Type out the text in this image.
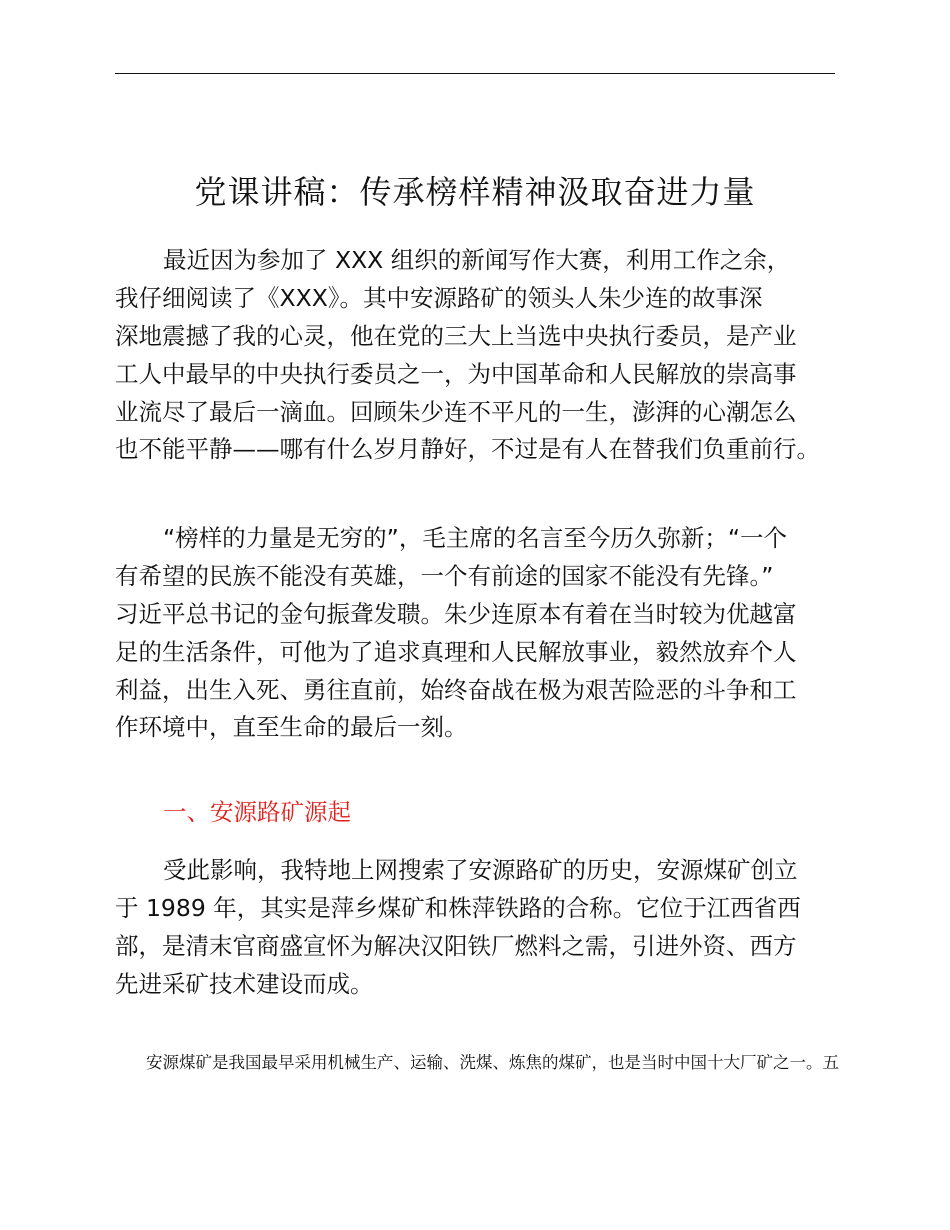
党课讲稿：传承榜样精神汲取奋进力量
最近因为参加了 XXX 组织的新闻写作大赛，利用工作之余，
我仔细阅读了《XXX》。其中安源路矿的领头人朱少连的故事深
深地震撼了我的心灵，他在党的三大上当选中央执行委员，是产业
工人中最早的中央执行委员之一，为中国革命和人民解放的崇高事
业流尽了最后一滴血。回顾朱少连不平凡的一生，澎湃的心潮怎么
也不能平静——哪有什么岁月静好，不过是有人在替我们负重前行。
“榜样的力量是无穷的”，毛主席的名言至今历久弥新；“一个
有希望的民族不能没有英雄，一个有前途的国家不能没有先锋。”
习近平总书记的金句振聋发聩。朱少连原本有着在当时较为优越富
足的生活条件，可他为了追求真理和人民解放事业，毅然放弃个人
利益，出生入死、勇往直前，始终奋战在极为艰苦险恶的斗争和工
作环境中，直至生命的最后一刻。
一、安源路矿源起
受此影响，我特地上网搜索了安源路矿的历史，安源煤矿创立
于 1989 年，其实是萍乡煤矿和株萍铁路的合称。它位于江西省西
部，是清末官商盛宣怀为解决汉阳铁厂燃料之需，引进外资、西方
先进采矿技术建设而成。
安源煤矿是我国最早采用机械生产、运输、洗煤、炼焦的煤矿，也是当时中国十大厂矿之一。五
